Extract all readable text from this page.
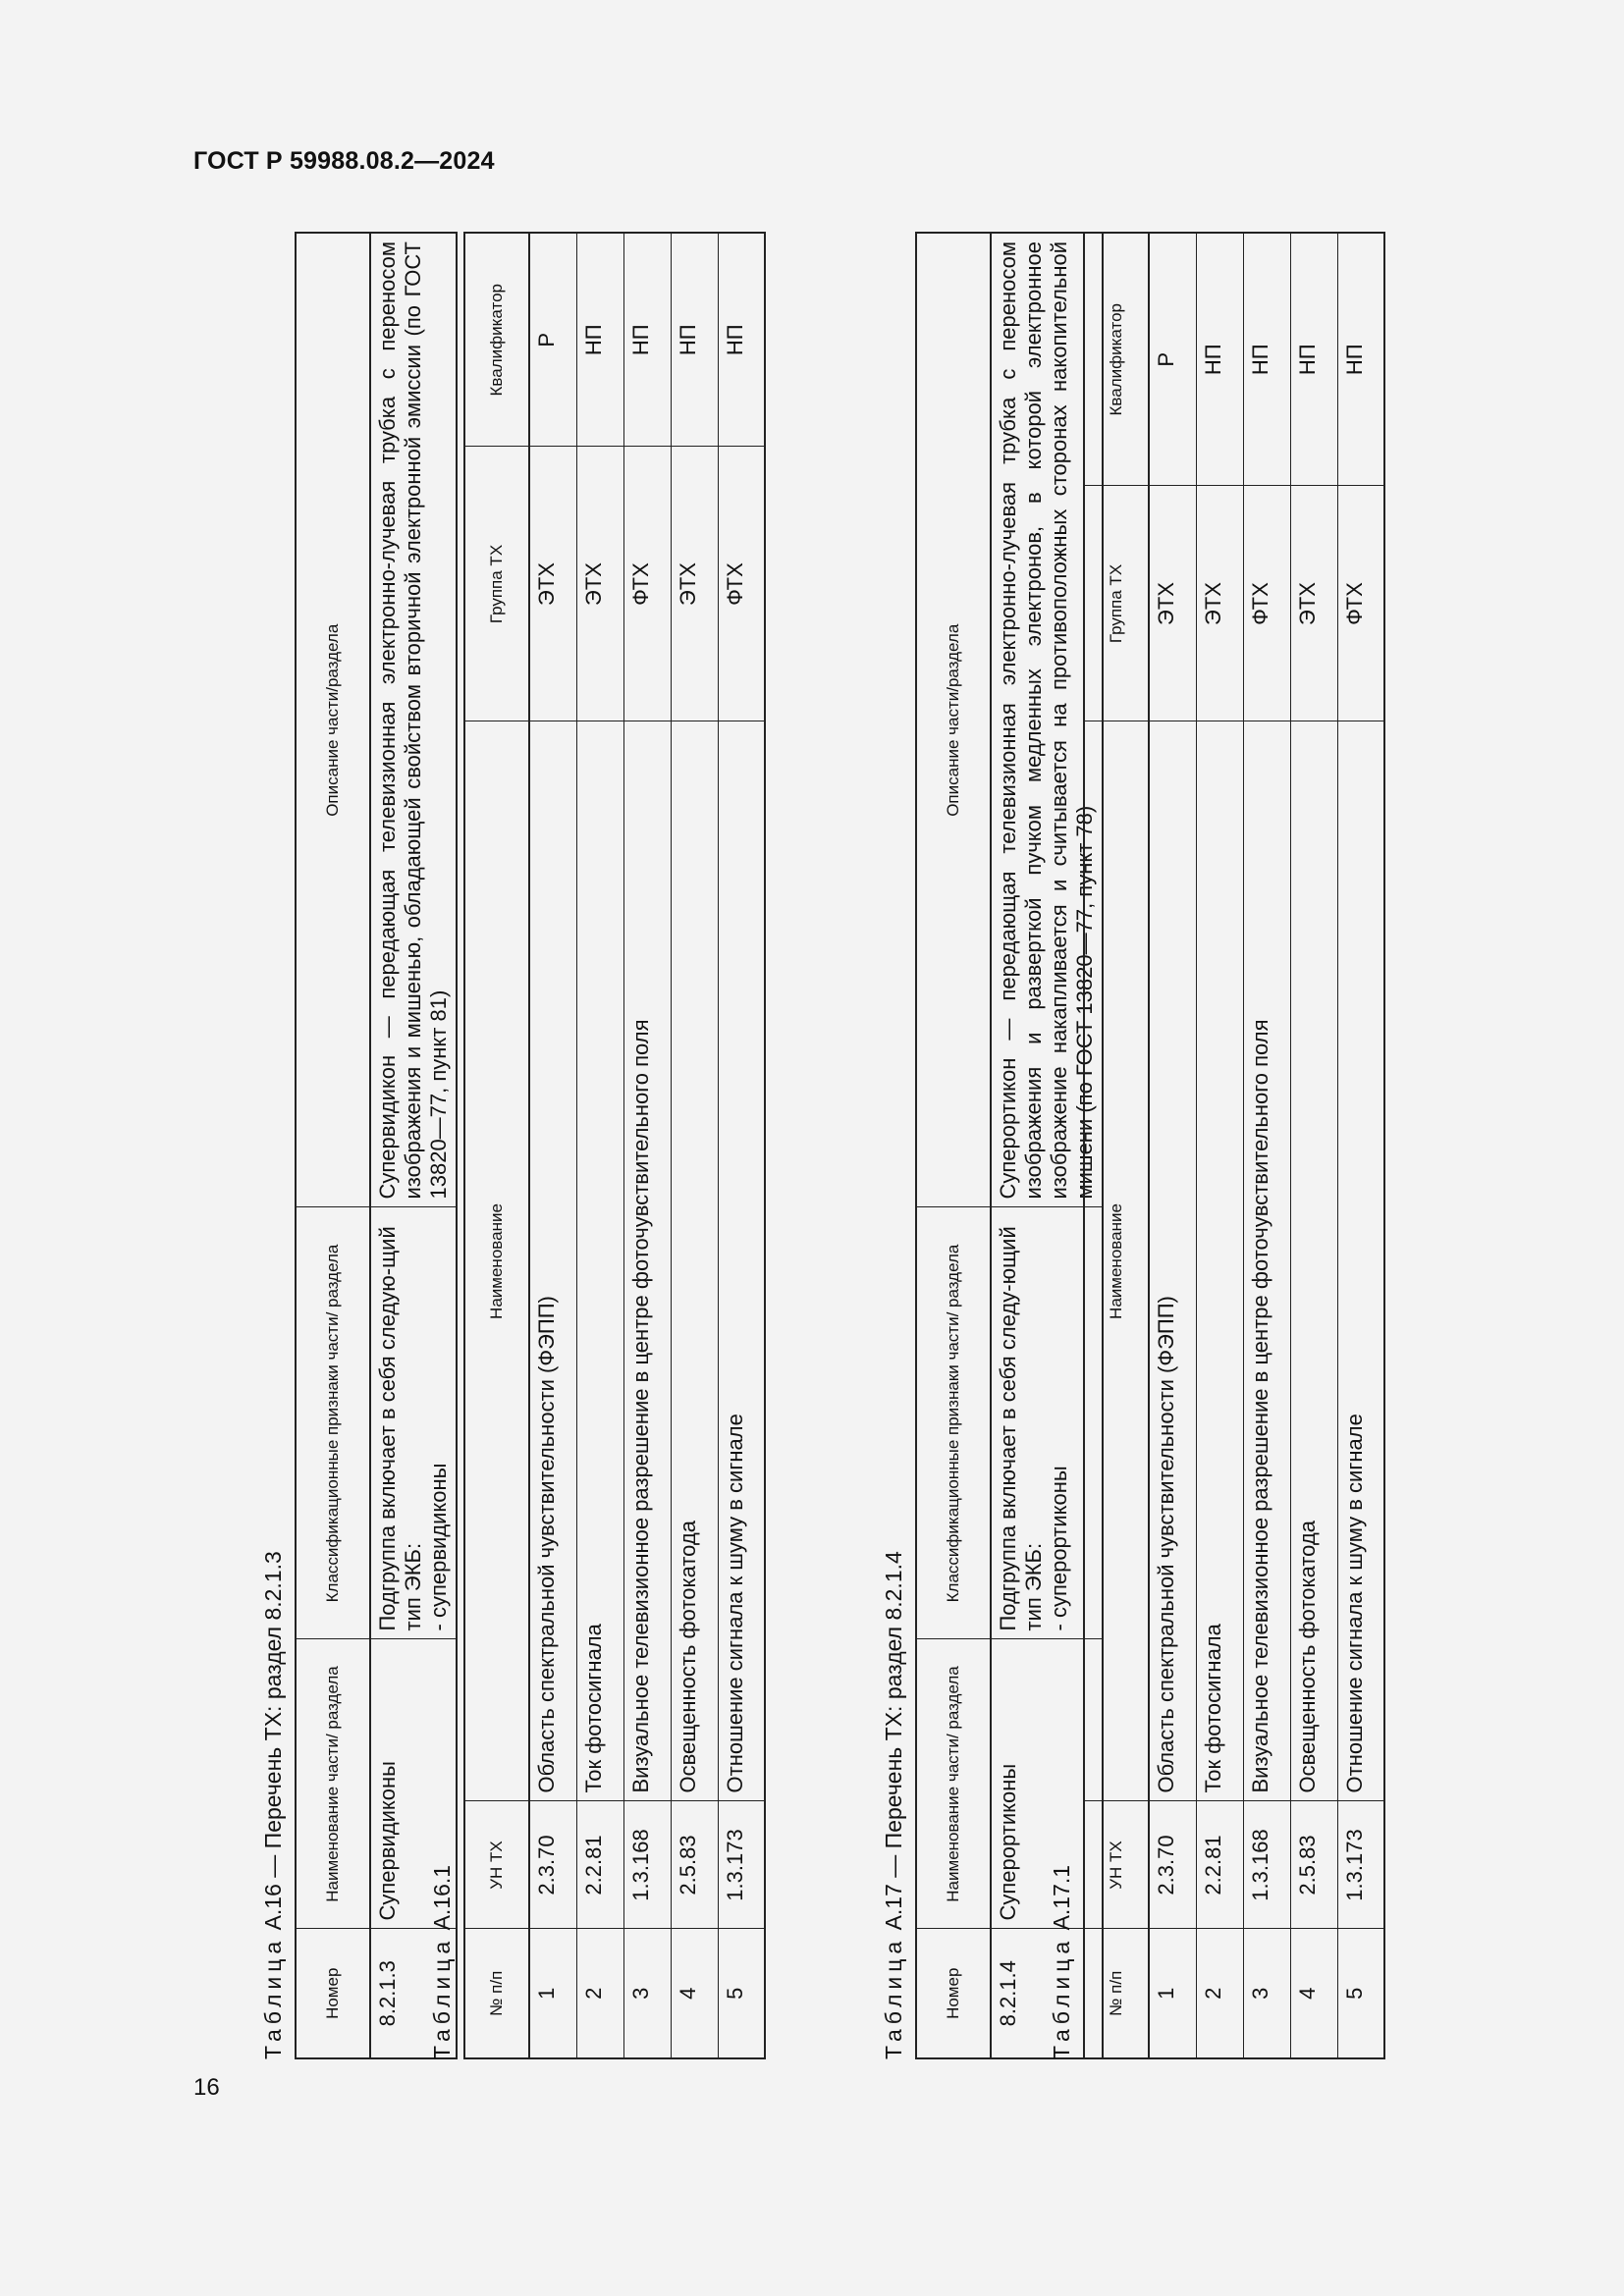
ГОСТ Р 59988.08.2—2024
16
Таблица А.16 — Перечень ТХ: раздел 8.2.1.3
Номер	Наименование части/ раздела	Классификационные признаки части/ раздела	Описание части/раздела
8.2.1.3	Супервидиконы	Подгруппа включает в себя следую-щий тип ЭКБ: - супервидиконы	Супервидикон — передающая телевизионная электронно-лучевая трубка с переносом изображения и мишенью, обладающей свойством вторичной электронной эмиссии (по ГОСТ 13820—77, пункт 81)
Таблица А.16.1
№ п/п	УН ТХ	Наименование	Группа ТХ	Квалификатор
1	2.3.70	Область спектральной чувствительности (ФЭПП)	ЭТХ	Р
2	2.2.81	Ток фотосигнала	ЭТХ	НП
3	1.3.168	Визуальное телевизионное разрешение в центре фоточувствительного поля	ФТХ	НП
4	2.5.83	Освещенность фотокатода	ЭТХ	НП
5	1.3.173	Отношение сигнала к шуму в сигнале	ФТХ	НП
Таблица А.17 — Перечень ТХ: раздел 8.2.1.4
Номер	Наименование части/ раздела	Классификационные признаки части/ раздела	Описание части/раздела
8.2.1.4	Суперортиконы	Подгруппа включает в себя следу-ющий тип ЭКБ: - суперортиконы	Суперортикон — передающая телевизионная электронно-лучевая трубка с переносом изображения и разверткой пучком медленных электронов, в которой электронное изображение накапливается и считывается на противоположных сторонах накопительной мишени (по ГОСТ 13820—77, пункт 78)
Таблица А.17.1
№ п/п	УН ТХ	Наименование	Группа ТХ	Квалификатор
1	2.3.70	Область спектральной чувствительности (ФЭПП)	ЭТХ	Р
2	2.2.81	Ток фотосигнала	ЭТХ	НП
3	1.3.168	Визуальное телевизионное разрешение в центре фоточувствительного поля	ФТХ	НП
4	2.5.83	Освещенность фотокатода	ЭТХ	НП
5	1.3.173	Отношение сигнала к шуму в сигнале	ФТХ	НП
